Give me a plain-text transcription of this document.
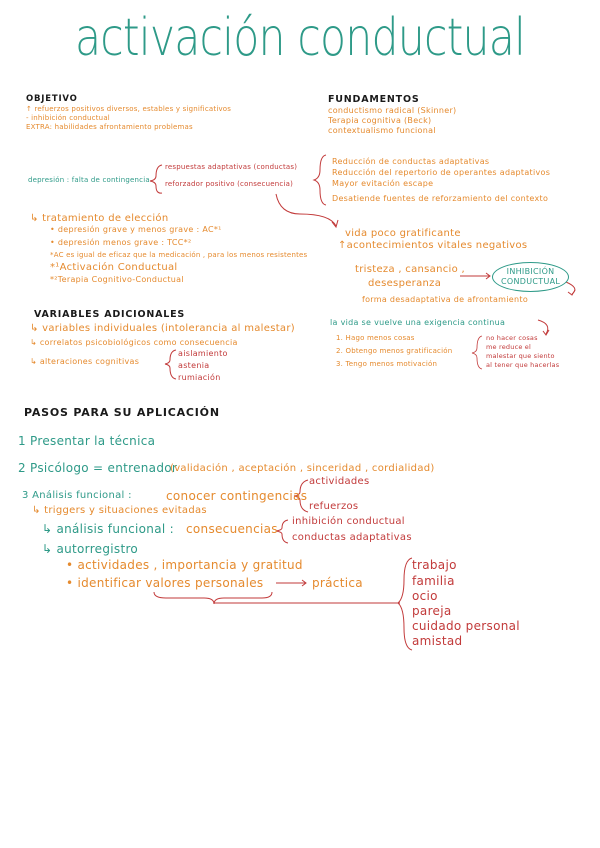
activación conductual
OBJETIVO
↑ refuerzos positivos diversos, estables y significativos
- inhibición conductual
EXTRA: habilidades afrontamiento problemas
FUNDAMENTOS
conductismo radical (Skinner)
Terapia cognitiva (Beck)
contextualismo funcional
depresión : falta de contingencia
respuestas adaptativas (conductas)
reforzador positivo (consecuencia)
Reducción de conductas adaptativas
Reducción del repertorio de operantes adaptativos
Mayor evitación escape
Desatiende fuentes de reforzamiento del contexto
↳ tratamiento de elección
• depresión grave y menos grave : AC*¹
• depresión menos grave : TCC*²
*AC es igual de eficaz que la medicación , para los menos resistentes
*¹Activación Conductual
*²Terapia Cognitivo-Conductual
vida poco gratificante
↑acontecimientos vitales negativos
tristeza , cansancio ,
desesperanza
forma desadaptativa de afrontamiento
INHIBICIÓN
CONDUCTUAL
VARIABLES ADICIONALES
↳ variables individuales (intolerancia al malestar)
↳ correlatos psicobiológicos como consecuencia
↳ alteraciones cognitivas
aislamiento
astenia
rumiación
la vida se vuelve una exigencia continua
1. Hago menos cosas
2. Obtengo menos gratificación
3. Tengo menos motivación
no hacer cosas
me reduce el
malestar que siento
al tener que hacerlas
PASOS PARA SU APLICACIÓN
1 Presentar la técnica
2 Psicólogo = entrenador
(validación , aceptación , sinceridad , cordialidad)
3 Análisis funcional :	conocer contingencias
actividades
refuerzos
↳ triggers y situaciones evitadas
↳ análisis funcional : consecuencias
inhibición conductual
conductas adaptativas
↳ autorregistro
• actividades , importancia y gratitud
• identificar valores personales	práctica
trabajo
familia
ocio
pareja
cuidado personal
amistad
